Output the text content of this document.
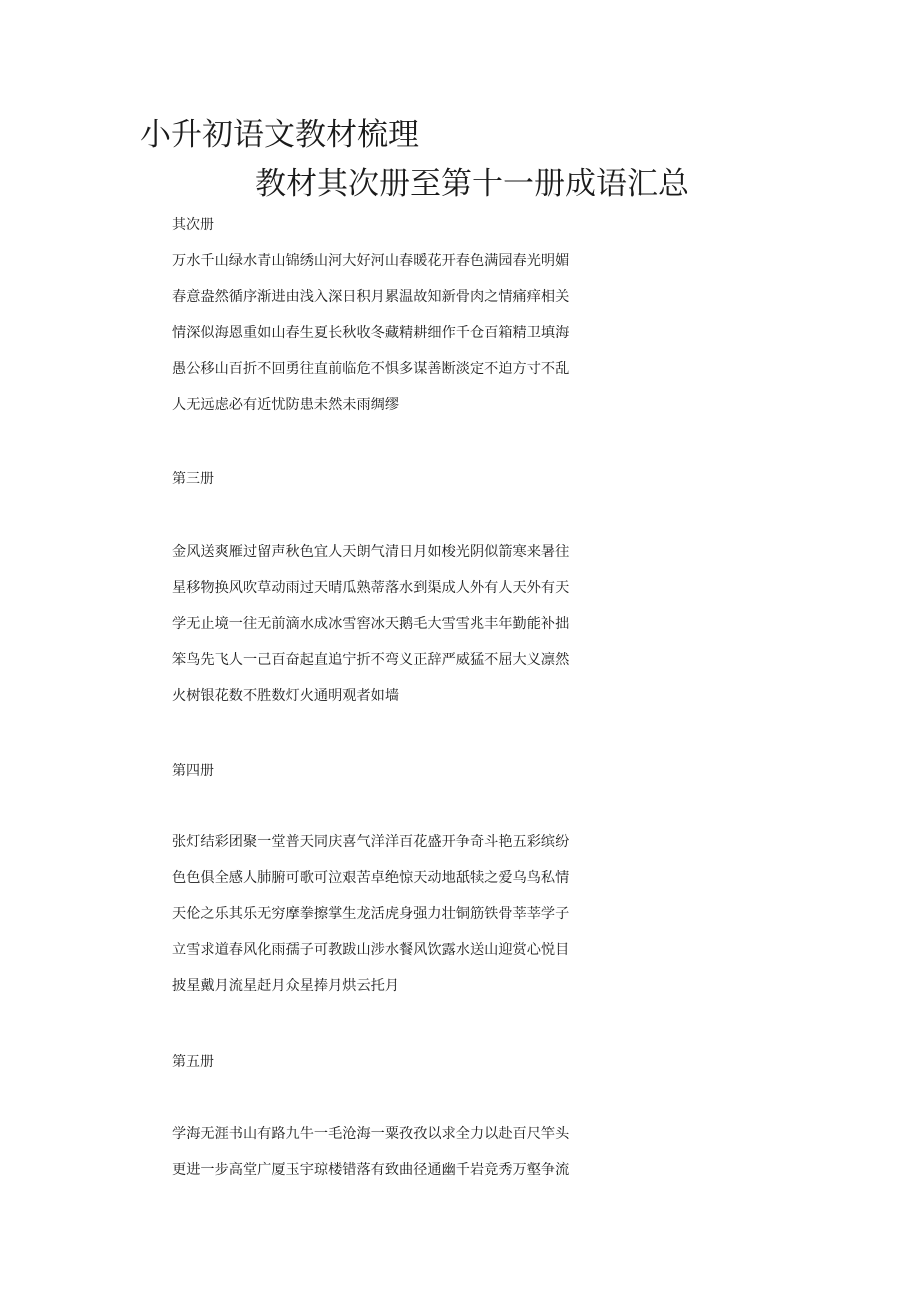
小升初语文教材梳理
教材其次册至第十一册成语汇总
其次册
万水千山绿水青山锦绣山河大好河山春暖花开春色满园春光明媚
春意盎然循序渐进由浅入深日积月累温故知新骨肉之情痛痒相关
情深似海恩重如山春生夏长秋收冬藏精耕细作千仓百箱精卫填海
愚公移山百折不回勇往直前临危不惧多谋善断淡定不迫方寸不乱
人无远虑必有近忧防患未然未雨绸缪
第三册
金风送爽雁过留声秋色宜人天朗气清日月如梭光阴似箭寒来暑往
星移物换风吹草动雨过天晴瓜熟蒂落水到渠成人外有人天外有天
学无止境一往无前滴水成冰雪窖冰天鹅毛大雪雪兆丰年勤能补拙
笨鸟先飞人一己百奋起直追宁折不弯义正辞严威猛不屈大义凛然
火树银花数不胜数灯火通明观者如墙
第四册
张灯结彩团聚一堂普天同庆喜气洋洋百花盛开争奇斗艳五彩缤纷
色色俱全感人肺腑可歌可泣艰苦卓绝惊天动地舐犊之爱乌鸟私情
天伦之乐其乐无穷摩拳擦掌生龙活虎身强力壮铜筋铁骨莘莘学子
立雪求道春风化雨孺子可教跋山涉水餐风饮露水送山迎赏心悦目
披星戴月流星赶月众星捧月烘云托月
第五册
学海无涯书山有路九牛一毛沧海一粟孜孜以求全力以赴百尺竿头
更进一步高堂广厦玉宇琼楼错落有致曲径通幽千岩竞秀万壑争流
